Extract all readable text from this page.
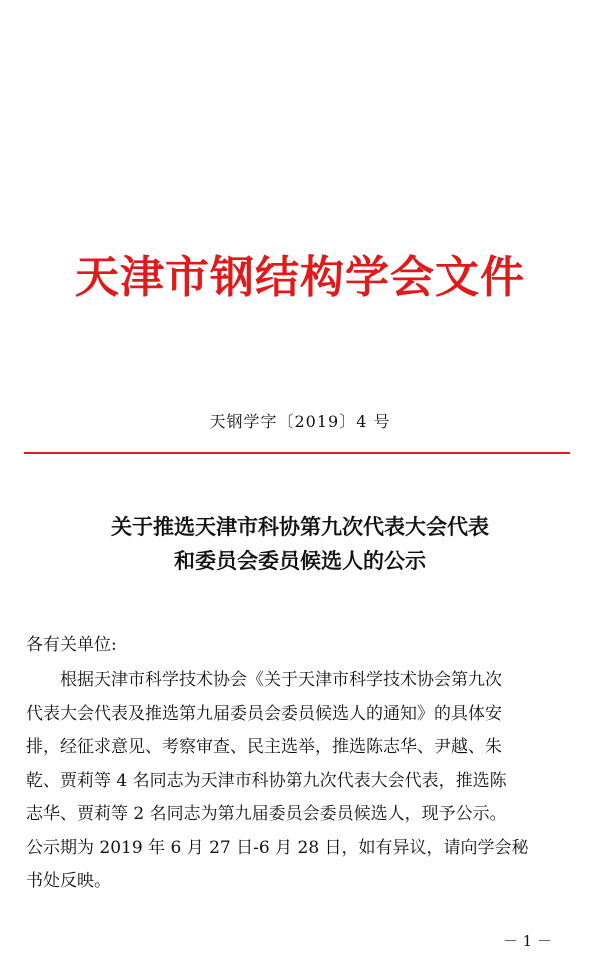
天津市钢结构学会文件
天钢学字〔2019〕4 号
关于推选天津市科协第九次代表大会代表
和委员会委员候选人的公示
各有关单位:
根据天津市科学技术协会《关于天津市科学技术协会第九次
代表大会代表及推选第九届委员会委员候选人的通知》的具体安
排，经征求意见、考察审查、民主选举，推选陈志华、尹越、朱
乾、贾莉等 4 名同志为天津市科协第九次代表大会代表，推选陈
志华、贾莉等 2 名同志为第九届委员会委员候选人，现予公示。
公示期为 2019 年 6 月 27 日-6 月 28 日，如有异议，请向学会秘
书处反映。
－ 1 －
